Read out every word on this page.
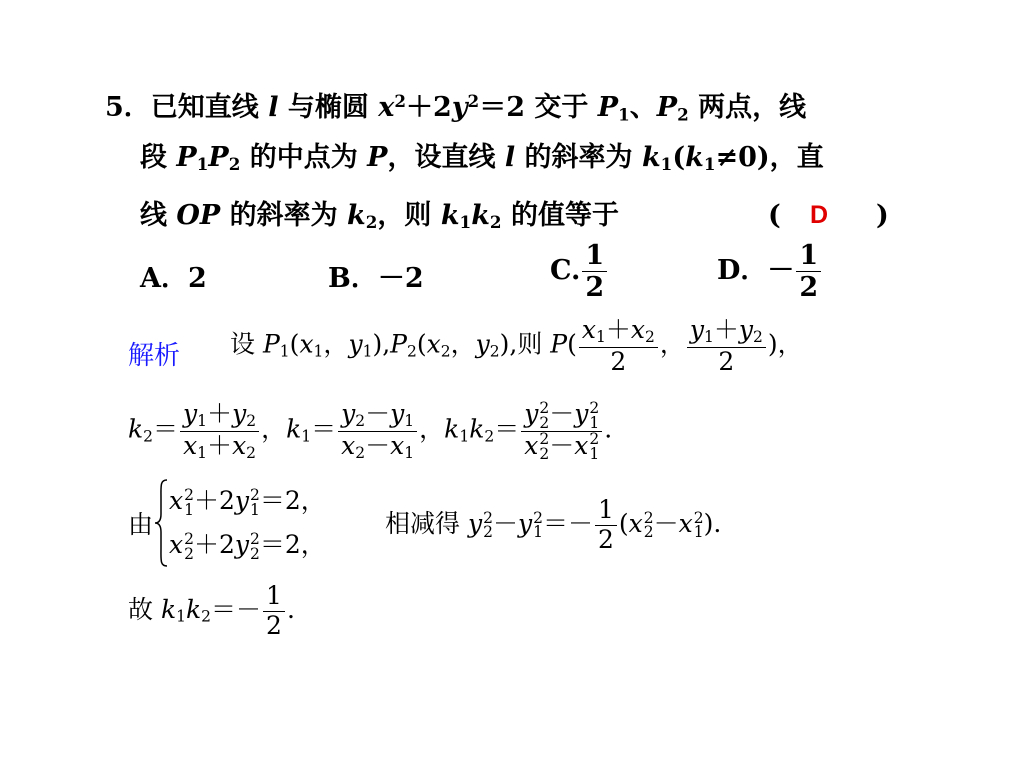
5．已知直线 l 与椭圆 $x^2+2y^2=2$ 交于 $P_1$、$P_2$ 两点，线
段 $P_1P_2$ 的中点为 P，设直线 l 的斜率为 $k_1(k_1\ne 0)$，直
线 OP 的斜率为 $k_2$，则 $k_1k_2$ 的值等于	( D )
A．2	B．－2	C. $\frac{1}{2}$	D．－ $\frac{1}{2}$
解析 设 $P_1(x_1$，$y_1),P_2(x_2$，$y_2$),则 $P( \frac{x_1+x_2}{2}$ ， $\frac{y_1+y_2}{2}$ )，
$k_2= \frac{y_1+y_2}{x_1+x_2}$ ，$k_1= \frac{y_2-y_1}{x_2-x_1}$ ，$k_1k_2= y$ 2
2 －y 2
1
x 2
2 －x 2
1 .
由
x 2
1 ＋2y 2
1 ＝2，
x 2
2 ＋2y 2
2 ＝2，
相减得 y 2
2 －y 2
$1 =- \frac{1}{2} (x$ 2
2 －x 2
1 ).
故 $k_1k_2=- \frac{1}{2}$ .
